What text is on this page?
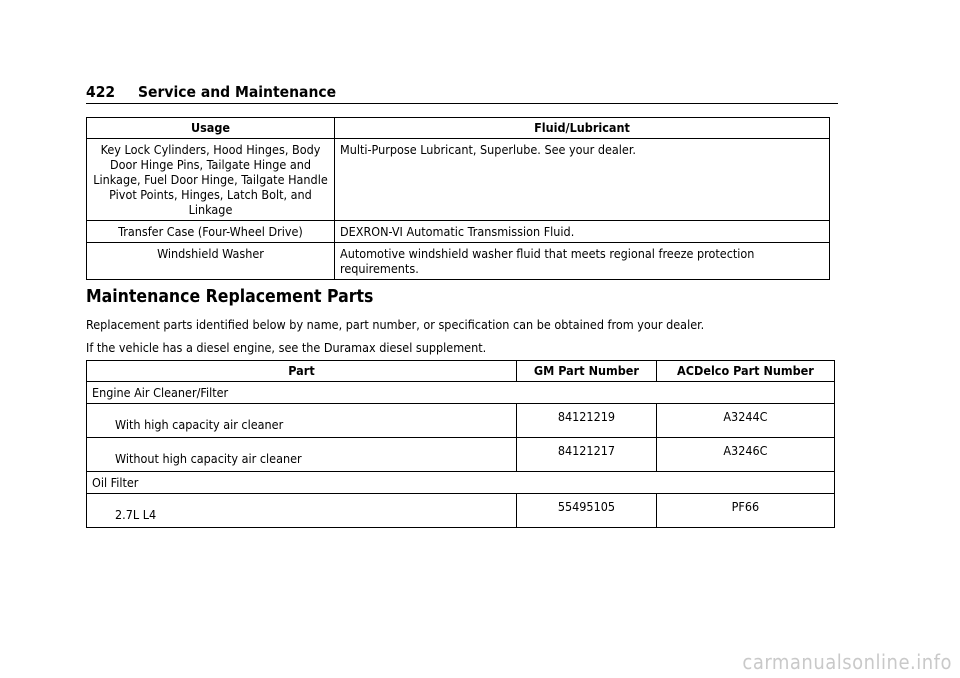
422	Service and Maintenance
Usage	Fluid/Lubricant
Key Lock Cylinders, Hood Hinges, Body Door Hinge Pins, Tailgate Hinge and Linkage, Fuel Door Hinge, Tailgate Handle Pivot Points, Hinges, Latch Bolt, and Linkage	Multi-Purpose Lubricant, Superlube. See your dealer.
Transfer Case (Four-Wheel Drive)	DEXRON-VI Automatic Transmission Fluid.
Windshield Washer	Automotive windshield washer fluid that meets regional freeze protection requirements.
Maintenance Replacement Parts

Replacement parts identified below by name, part number, or specification can be obtained from your dealer.

If the vehicle has a diesel engine, see the Duramax diesel supplement.

Part	GM Part Number	ACDelco Part Number
Engine Air Cleaner/Filter		
With high capacity air cleaner	84121219	A3244C
Without high capacity air cleaner	84121217	A3246C
Oil Filter		
2.7L L4	55495105	PF66
carmanualsonline.info
